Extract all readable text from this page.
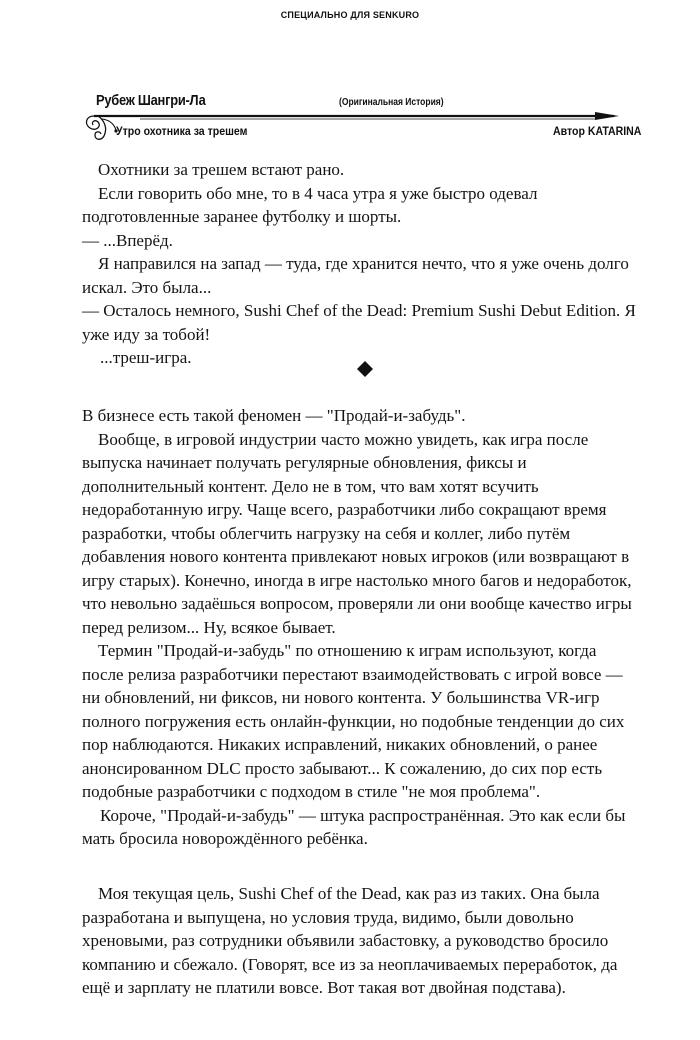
СПЕЦИАЛЬНО ДЛЯ SENKURO
Рубеж Шангри-Ла	(Оригинальная История)
Утро охотника за трешем	Автор KATARINA

Охотники за трешем встают рано.

Если говорить обо мне, то в 4 часа утра я уже быстро одевал подготовленные заранее футболку и шорты.

— ...Вперёд.

Я направился на запад — туда, где хранится нечто, что я уже очень долго искал. Это была...

— Осталось немного, Sushi Chef of the Dead: Premium Sushi Debut Edition. Я уже иду за тобой!

...треш-игра.

В бизнесе есть такой феномен — "Продай-и-забудь".

Вообще, в игровой индустрии часто можно увидеть, как игра после выпуска начинает получать регулярные обновления, фиксы и дополнительный контент. Дело не в том, что вам хотят всучить недоработанную игру. Чаще всего, разработчики либо сокращают время разработки, чтобы облегчить нагрузку на себя и коллег, либо путём добавления нового контента привлекают новых игроков (или возвращают в игру старых). Конечно, иногда в игре настолько много багов и недоработок, что невольно задаёшься вопросом, проверяли ли они вообще качество игры перед релизом... Ну, всякое бывает.

Термин "Продай-и-забудь" по отношению к играм используют, когда после релиза разработчики перестают взаимодействовать с игрой вовсе — ни обновлений, ни фиксов, ни нового контента. У большинства VR-игр полного погружения есть онлайн-функции, но подобные тенденции до сих пор наблюдаются. Никаких исправлений, никаких обновлений, о ранее анонсированном DLC просто забывают... К сожалению, до сих пор есть подобные разработчики с подходом в стиле "не моя проблема".

Короче, "Продай-и-забудь" — штука распространённая. Это как если бы мать бросила новорождённого ребёнка.

Моя текущая цель, Sushi Chef of the Dead, как раз из таких. Она была разработана и выпущена, но условия труда, видимо, были довольно хреновыми, раз сотрудники объявили забастовку, а руководство бросило компанию и сбежало. (Говорят, все из за неоплачиваемых переработок, да ещё и зарплату не платили вовсе. Вот такая вот двойная подстава).
